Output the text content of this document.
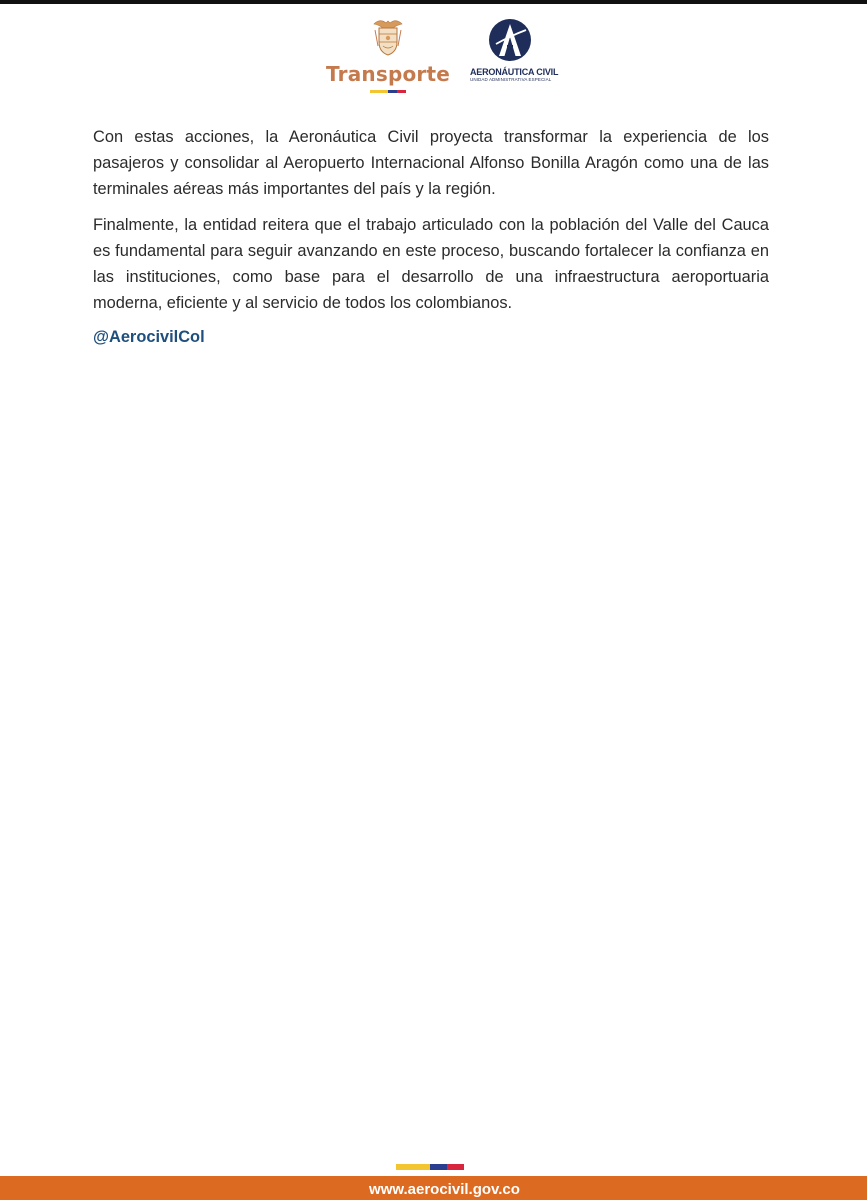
Transporte	AERONÁUTICA CIVIL
UNIDAD ADMINISTRATIVA ESPECIAL

Con estas acciones, la Aeronáutica Civil proyecta transformar la experiencia de los pasajeros y consolidar al Aeropuerto Internacional Alfonso Bonilla Aragón como una de las terminales aéreas más importantes del país y la región.

Finalmente, la entidad reitera que el trabajo articulado con la población del Valle del Cauca es fundamental para seguir avanzando en este proceso, buscando fortalecer la confianza en las instituciones, como base para el desarrollo de una infraestructura aeroportuaria moderna, eficiente y al servicio de todos los colombianos.

@AerocivilCol
www.aerocivil.gov.co
